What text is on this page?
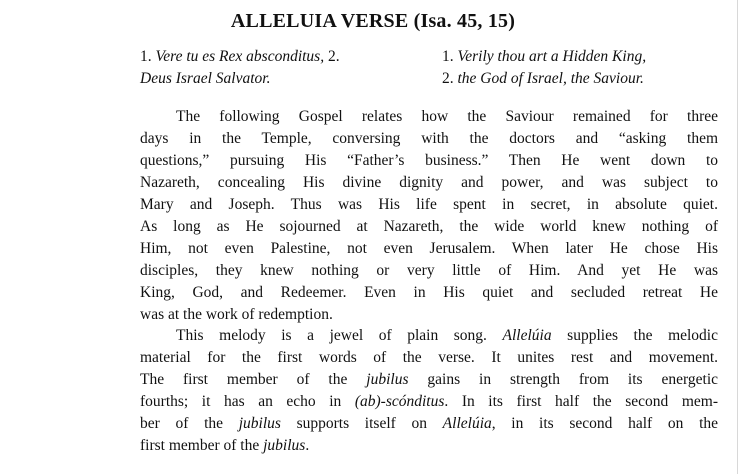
ALLELUIA VERSE (Isa. 45, 15)
1. Vere tu es Rex absconditus, 2.	1. Verily thou art a Hidden King,
Deus Israel Salvator.	2. the God of Israel, the Saviour.

The following Gospel relates how the Saviour remained for three
days in the Temple, conversing with the doctors and “asking them
questions,” pursuing His “Father’s business.” Then He went down to
Nazareth, concealing His divine dignity and power, and was subject to
Mary and Joseph. Thus was His life spent in secret, in absolute quiet.
As long as He sojourned at Nazareth, the wide world knew nothing of
Him, not even Palestine, not even Jerusalem. When later He chose His
disciples, they knew nothing or very little of Him. And yet He was
King, God, and Redeemer. Even in His quiet and secluded retreat He
was at the work of redemption.

This melody is a jewel of plain song. Allelúia supplies the melodic
material for the first words of the verse. It unites rest and movement.
The first member of the jubilus gains in strength from its energetic
fourths; it has an echo in (ab)-scónditus. In its first half the second mem-
ber of the jubilus supports itself on Allelúia, in its second half on the
first member of the jubilus.
